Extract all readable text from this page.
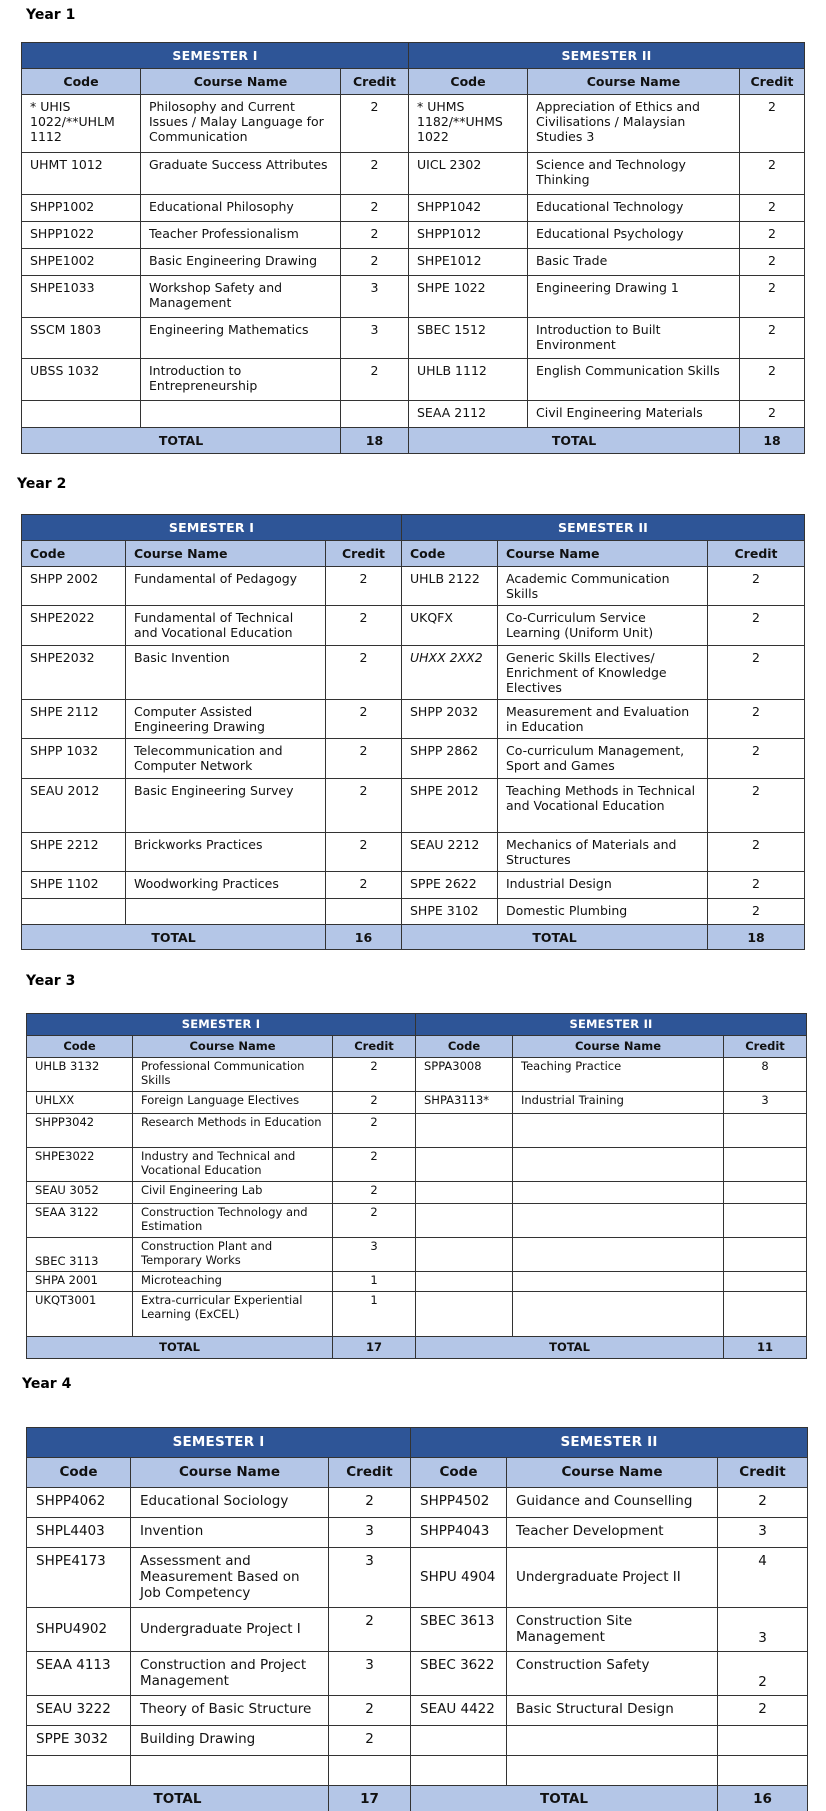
Year 1
SEMESTER I			SEMESTER II		
Code	Course Name	Credit	Code	Course Name	Credit
* UHIS 1022/**UHLM 1112	Philosophy and Current Issues / Malay Language for Communication	2	* UHMS 1182/**UHMS 1022	Appreciation of Ethics and Civilisations / Malaysian Studies 3	2
UHMT 1012	Graduate Success Attributes	2	UICL 2302	Science and Technology Thinking	2
SHPP1002	Educational Philosophy	2	SHPP1042	Educational Technology	2
SHPP1022	Teacher Professionalism	2	SHPP1012	Educational Psychology	2
SHPE1002	Basic Engineering Drawing	2	SHPE1012	Basic Trade	2
SHPE1033	Workshop Safety and Management	3	SHPE 1022	Engineering Drawing 1	2
SSCM 1803	Engineering Mathematics	3	SBEC 1512	Introduction to Built Environment	2
UBSS 1032	Introduction to Entrepreneurship	2	UHLB 1112	English Communication Skills	2
			SEAA 2112	Civil Engineering Materials	2
TOTAL		18	TOTAL		18
Year 2
SEMESTER I			SEMESTER II		
Code	Course Name	Credit	Code	Course Name	Credit
SHPP 2002	Fundamental of Pedagogy	2	UHLB 2122	Academic Communication Skills	2
SHPE2022	Fundamental of Technical and Vocational Education	2	UKQFX	Co-Curriculum Service Learning (Uniform Unit)	2
SHPE2032	Basic Invention	2	UHXX 2XX2	Generic Skills Electives/ Enrichment of Knowledge Electives	2
SHPE 2112	Computer Assisted Engineering Drawing	2	SHPP 2032	Measurement and Evaluation in Education	2
SHPP 1032	Telecommunication and Computer Network	2	SHPP 2862	Co-curriculum Management, Sport and Games	2
SEAU 2012	Basic Engineering Survey	2	SHPE 2012	Teaching Methods in Technical and Vocational Education	2
SHPE 2212	Brickworks Practices	2	SEAU 2212	Mechanics of Materials and Structures	2
SHPE 1102	Woodworking Practices	2	SPPE 2622	Industrial Design	2
			SHPE 3102	Domestic Plumbing	2
TOTAL		16	TOTAL		18
Year 3
SEMESTER I			SEMESTER II		
Code	Course Name	Credit	Code	Course Name	Credit
UHLB 3132	Professional Communication Skills	2	SPPA3008	Teaching Practice	8
UHLXX	Foreign Language Electives	2	SHPA3113*	Industrial Training	3
SHPP3042	Research Methods in Education	2			
SHPE3022	Industry and Technical and Vocational Education	2			
SEAU 3052	Civil Engineering Lab	2			
SEAA 3122	Construction Technology and Estimation	2			
SBEC 3113	Construction Plant and Temporary Works	3			
SHPA 2001	Microteaching	1			
UKQT3001	Extra-curricular Experiential Learning (ExCEL)	1			
TOTAL		17	TOTAL		11
Year 4
SEMESTER I			SEMESTER II		
Code	Course Name	Credit	Code	Course Name	Credit
SHPP4062	Educational Sociology	2	SHPP4502	Guidance and Counselling	2
SHPL4403	Invention	3	SHPP4043	Teacher Development	3
SHPE4173	Assessment and Measurement Based on Job Competency	3	SHPU 4904	Undergraduate Project II	4
SHPU4902	Undergraduate Project I	2	SBEC 3613	Construction Site Management	3
SEAA 4113	Construction and Project Management	3	SBEC 3622	Construction Safety	2
SEAU 3222	Theory of Basic Structure	2	SEAU 4422	Basic Structural Design	2
SPPE 3032	Building Drawing	2			

TOTAL		17	TOTAL		16
